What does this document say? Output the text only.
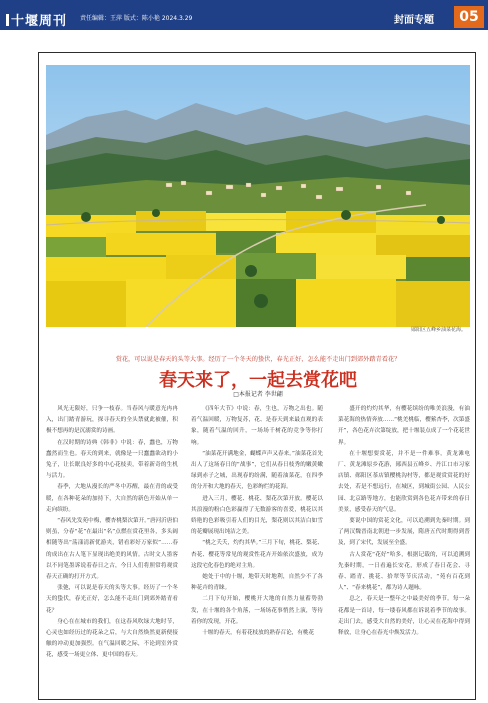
十堰周刊 责任编辑：王萍 版式：陈小艳 2024.3.29	封面专题	05
郧阳区五峰乡油菜花海。
赏花，可以说是春天的头等大事。经历了一个冬天的蛰伏，春光正好，怎么能不走出门到郊外踏青看花？
春天来了，一起去赏花吧
□本报记者 李世翩

风光无限好，只争一枝春。当春风与暖意光冉冉入，出门踏青游玩，探寻春天的全头禁就此被催，积极不想再的是沉溺赏的诗画。

在汉时期的诗典《韩非》中说：春，蠢也，万物蠢然而生也。春天的到来，就像是一只蠢蠢欲动的小兔子，让长眠良好多的中心花枝卖，带着新奇的生机与活力。

春季，大地从漫长的严冬中苏醒，最在青的或受暖，在各种花朵的加持下，大自然的新色开始从单一走向缤纷。

“春风先发苑中梅，樱杏桃梨次第开。”唐河沂唐伯则虽，分春“花”在最出“名”点燃在赏花里各，多头阔相随等出“荡漾清新优游夹，错看彩好万家似”……春的成出在古人笔下显现出绝美的风情。古时文人墨客以不同笔墨诉说着春日之古，今日人们将照常将观赏春天正确的打开方式。

张弛，可以说是春天的头等大事。经历了一个冬天的蛰伏，春光正好，怎么能不走出门到郊外踏青看花？

身心在在城市的我们，在这春风吹绿大地时节，心灵也如经历过的花朵之后，与大自然焕然更新便接触的冲动更加强烈。在气温回暖之际，不论到室外赏花，感受一场更立体、更中国的春天。

《四年大节》中说：春，生也，万物之出也。随着气温回暖，万物复苏，花、是春天到来最直观的表象，随着气温的回升，一场场千树花的竞争等你打响。

“油菜花开满地金，蝴蝶声声又春来。”油菜花首先出人了这场春日的“战事”，它们从春日枝秀的嫩黄嫩绿到赤子之城，出现春的纷满，随着油菜花，在四季的分开和大地的春天，色彩绚烂的花海。

进入三月，樱花、桃花、梨花次第开放。樱花以其浪漫的粉白色彩赢得了无数游客的喜爱，桃花以其娇艳的色彩吸引着人们的目光，梨花则以其洁白如雪的花瓣展现出纯洁之美。

“桃之夭夭，灼灼其华。”三月下旬，桃花、梨花、杏花、樱花等常见的观赏性花卉开始依次盛放，成为这段宅化春色的绝对主角。

她处于中的十堰，地带天时地利，自然少不了各种花卉的青睐。

二月下旬开始，樱桃开大地的自然力量蓄势勃发，在十堰的各个角落，一场场花事悄然上演，等待着你的发现，开花。

十堰的春天，有着花枝放的熟春召论，有桃花

盛开的灼灼其华，有樱花缤纷的唯美浪漫，有油菜花海的热情奔放……“桃羌桃临，樱萦杏李，次第盛开”，各色花卉次第绽放，把十堰装点成了一个花花世界。

在十堰想要赏花，并不是一件难事，黄龙滩电厂、黄龙滩原乡花游，郧西县五峰乡、丹江口市习家店镇、郧阳区茶店镇樱桃沟村等，都是观赏赏花的好去处，若是不想远行，在城区，到城街公园、人民公园、北京路等地方，也能欣赏到各色花卉带来的春日美景，感受春天的气息。

要说中国的赏花文化，可以追溯到先秦时期。到了两汉魏晋南北朝进一步发展，隋唐五代时期得到普及，到了宋代，发展至全盛。

古人赏花“花好”哈多，根据记载的，可以追溯到先秦时期，一日看遍长安花，形成了春日花会、寻春、踏青、挑花、拾翠等节庆活动，“苑有百花到人”、“春来桃花”，都为诗人题咏。

总之，春天是一整年之中最美好的季节。每一朵花都是一首诗，每一缕春风都在诉说着季节的故事。走出门去，感受大自然的美好，让心灵在花海中得到释放，让身心在春光中焕发活力。
